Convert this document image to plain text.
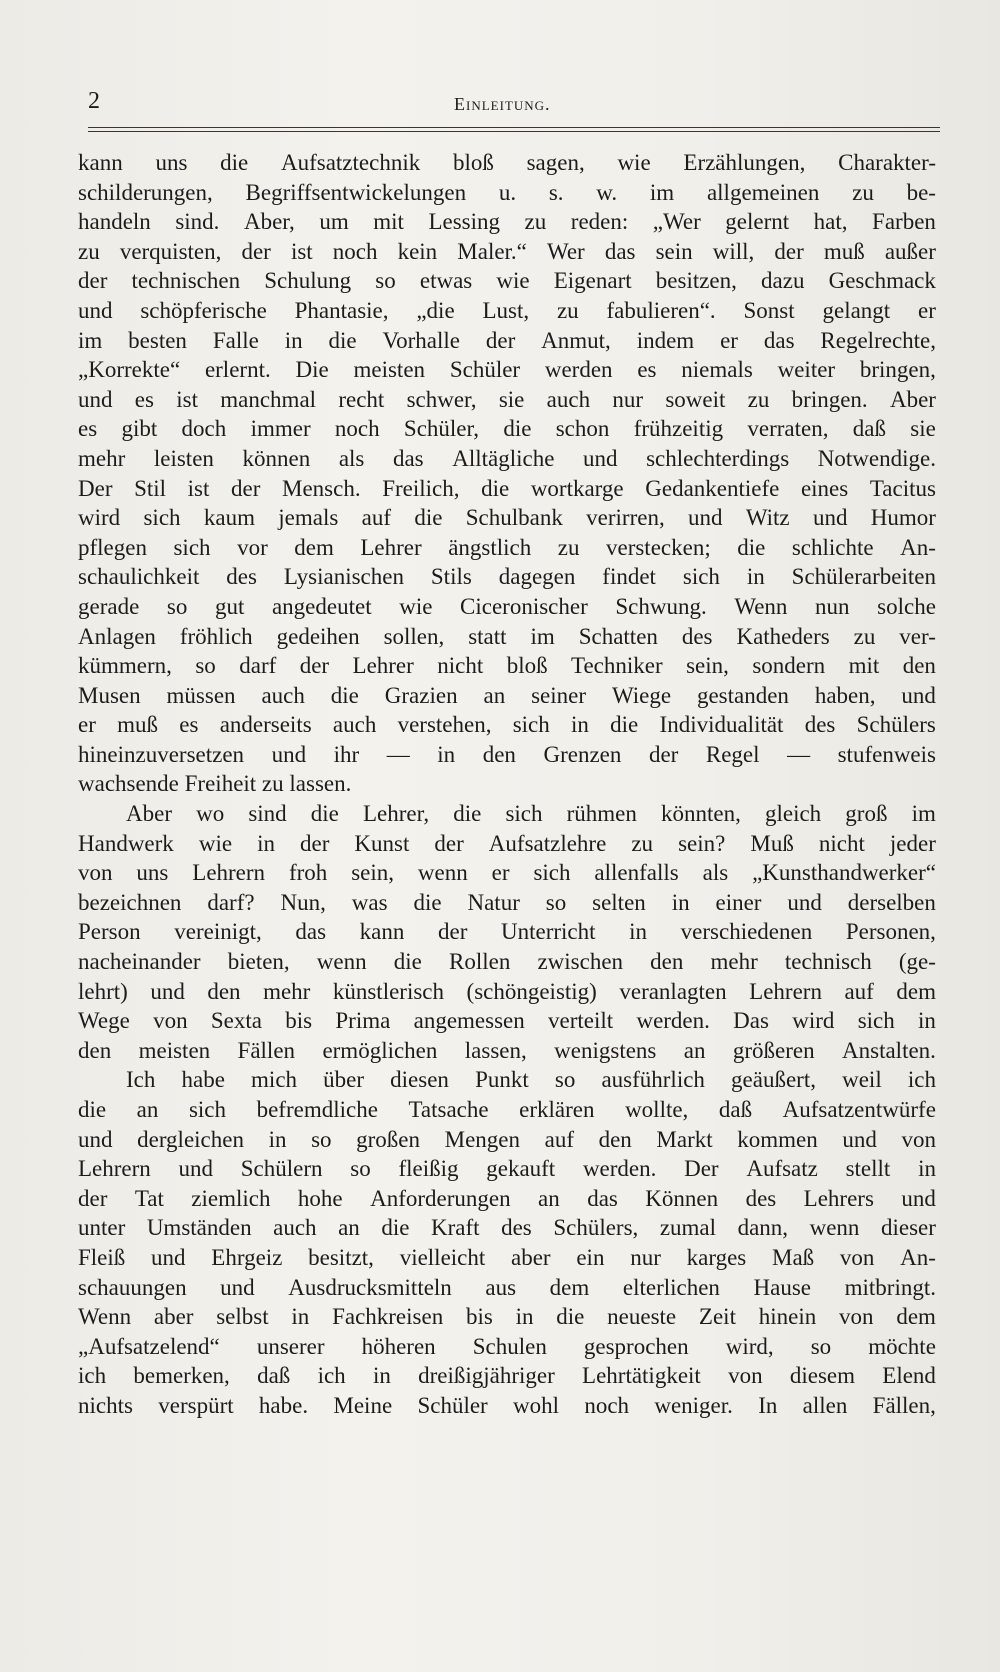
2	Einleitung.
kann uns die Aufsatztechnik bloß sagen, wie Erzählungen, Charakter-
schilderungen, Begriffsentwickelungen u. s. w. im allgemeinen zu be-
handeln sind. Aber, um mit Lessing zu reden: „Wer gelernt hat, Farben
zu verquisten, der ist noch kein Maler.“ Wer das sein will, der muß außer
der technischen Schulung so etwas wie Eigenart besitzen, dazu Geschmack
und schöpferische Phantasie, „die Lust, zu fabulieren“. Sonst gelangt er
im besten Falle in die Vorhalle der Anmut, indem er das Regelrechte,
„Korrekte“ erlernt. Die meisten Schüler werden es niemals weiter bringen,
und es ist manchmal recht schwer, sie auch nur soweit zu bringen. Aber
es gibt doch immer noch Schüler, die schon frühzeitig verraten, daß sie
mehr leisten können als das Alltägliche und schlechterdings Notwendige.
Der Stil ist der Mensch. Freilich, die wortkarge Gedankentiefe eines Tacitus
wird sich kaum jemals auf die Schulbank verirren, und Witz und Humor
pflegen sich vor dem Lehrer ängstlich zu verstecken; die schlichte An-
schaulichkeit des Lysianischen Stils dagegen findet sich in Schülerarbeiten
gerade so gut angedeutet wie Ciceronischer Schwung. Wenn nun solche
Anlagen fröhlich gedeihen sollen, statt im Schatten des Katheders zu ver-
kümmern, so darf der Lehrer nicht bloß Techniker sein, sondern mit den
Musen müssen auch die Grazien an seiner Wiege gestanden haben, und
er muß es anderseits auch verstehen, sich in die Individualität des Schülers
hineinzuversetzen und ihr — in den Grenzen der Regel — stufenweis
wachsende Freiheit zu lassen.
Aber wo sind die Lehrer, die sich rühmen könnten, gleich groß im
Handwerk wie in der Kunst der Aufsatzlehre zu sein? Muß nicht jeder
von uns Lehrern froh sein, wenn er sich allenfalls als „Kunsthandwerker“
bezeichnen darf? Nun, was die Natur so selten in einer und derselben
Person vereinigt, das kann der Unterricht in verschiedenen Personen,
nacheinander bieten, wenn die Rollen zwischen den mehr technisch (ge-
lehrt) und den mehr künstlerisch (schöngeistig) veranlagten Lehrern auf dem
Wege von Sexta bis Prima angemessen verteilt werden. Das wird sich in
den meisten Fällen ermöglichen lassen, wenigstens an größeren Anstalten.
Ich habe mich über diesen Punkt so ausführlich geäußert, weil ich
die an sich befremdliche Tatsache erklären wollte, daß Aufsatzentwürfe
und dergleichen in so großen Mengen auf den Markt kommen und von
Lehrern und Schülern so fleißig gekauft werden. Der Aufsatz stellt in
der Tat ziemlich hohe Anforderungen an das Können des Lehrers und
unter Umständen auch an die Kraft des Schülers, zumal dann, wenn dieser
Fleiß und Ehrgeiz besitzt, vielleicht aber ein nur karges Maß von An-
schauungen und Ausdrucksmitteln aus dem elterlichen Hause mitbringt.
Wenn aber selbst in Fachkreisen bis in die neueste Zeit hinein von dem
„Aufsatzelend“ unserer höheren Schulen gesprochen wird, so möchte
ich bemerken, daß ich in dreißigjähriger Lehrtätigkeit von diesem Elend
nichts verspürt habe. Meine Schüler wohl noch weniger. In allen Fällen,
